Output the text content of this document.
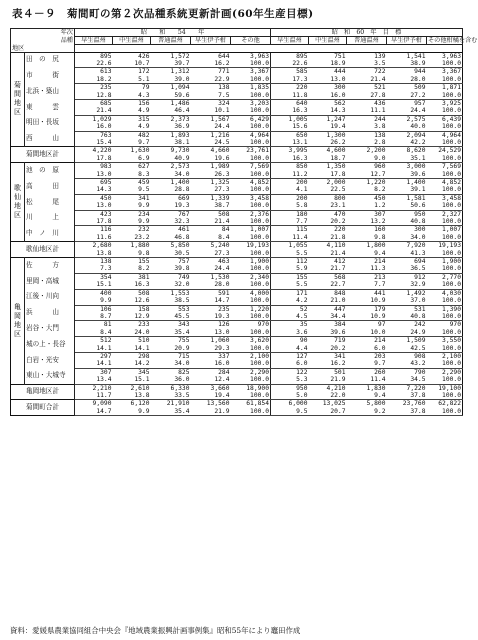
表４－９　菊間町の第２次品種系統更新計画(60年生産目標)
年次		昭　　和　　54　　年					昭　和　60　年　目　標				
品種		早生温州	中生温州	普通温州	早生伊予柑	その他	早生温州	中生温州	普通温州	早生伊予柑	その他柑橘を含む
地区											
菊間地区	田　の　尻	895	426	1,572	644	3,963	895	751	139	1,541	3,963
		22.6	10.7	39.7	16.2	100.0	22.6	18.9	3.5	38.9	100.0
	市　　　街	613	172	1,312	771	3,367	585	444	722	944	3,367
		18.2	5.1	39.0	22.9	100.0	17.3	13.0	21.4	28.0	100.0
	北浜・築山	235	79	1,094	138	1,835	220	300	521	509	1,871
		12.8	4.3	59.6	7.5	100.0	11.8	16.0	27.8	27.2	100.0
	東　　　雲	685	156	1,486	324	3,203	640	562	436	957	3,925
		21.4	4.9	46.4	10.1	100.0	16.3	14.3	11.1	24.4	100.0
	明田・長坂	1,029	315	2,373	1,567	6,429	1,005	1,247	244	2,575	6,439
		16.0	4.9	36.9	24.4	100.0	15.6	19.4	3.8	40.0	100.0
	西　　　山	763	482	1,893	1,216	4,964	650	1,300	138	2,094	4,964
		15.4	9.7	38.1	24.5	100.0	13.1	26.2	2.8	42.2	100.0
菊間地区計		4,220	1,630	9,730	4,660	23,761	3,995	4,600	2,200	8,620	24,529
		17.8	6.9	40.9	19.6	100.0	16.3	18.7	9.0	35.1	100.0
歌仙地区	池　の　原	983	627	2,573	1,989	7,569	850	1,350	960	3,000	7,569
		13.0	8.3	34.0	26.3	100.0	11.2	17.8	12.7	39.6	100.0
	高　　　田	695	459	1,400	1,325	4,852	200	2,000	1,220	1,400	4,852
		14.3	9.5	28.8	27.3	100.0	4.1	22.5	8.2	39.1	100.0
	松　　　尾	450	341	669	1,339	3,458	200	800	450	1,581	3,458
		13.0	9.9	19.3	38.7	100.0	5.8	23.1	1.2	50.6	100.0
	川　　　上	423	234	767	508	2,376	180	470	307	950	2,327
		17.8	9.9	32.3	21.4	100.0	7.7	20.2	13.2	40.8	100.0
	中　ノ　川	116	232	461	84	1,007	115	220	160	300	1,007
		11.6	23.2	46.8	8.4	100.0	11.4	21.8	9.8	34.0	100.0
歌仙地区計		2,680	1,880	5,850	5,240	19,193	1,055	4,110	1,800	7,920	19,193
		13.8	9.8	30.5	27.3	100.0	5.5	21.4	9.4	41.3	100.0
亀岡地区	佐　　　方	138	155	757	463	1,900	112	412	214	694	1,900
		7.3	8.2	39.8	24.4	100.0	5.9	21.7	11.3	36.5	100.0
	里岡・高城	354	381	749	1,530	2,340	155	568	213	912	2,770
		15.1	16.3	32.0	28.0	100.0	5.5	22.7	7.7	32.9	100.0
	江後・川向	400	508	1,553	591	4,000	171	848	441	1,492	4,030
		9.9	12.6	38.5	14.7	100.0	4.2	21.0	10.9	37.0	100.0
	浜　　　山	106	158	553	235	1,220	52	447	179	531	1,390
		8.7	12.9	45.5	19.3	100.0	4.5	34.4	10.9	40.8	100.0
	岩谷・大門	81	233	343	126	970	35	384	97	242	970
		8.4	24.0	35.4	13.0	100.0	3.6	39.6	10.0	24.9	100.0
	城の上・長谷	512	510	755	1,060	3,620	90	719	214	1,509	3,550
		14.1	14.1	20.9	29.3	100.0	4.4	20.2	6.0	42.5	100.0
	白岩・光安	297	298	715	337	2,100	127	341	203	908	2,100
		14.1	14.2	34.0	16.0	100.0	6.0	16.2	9.7	43.2	100.0
	東山・大城寺	307	345	825	284	2,290	122	501	260	790	2,290
		13.4	15.1	36.0	12.4	100.0	5.3	21.9	11.4	34.5	100.0
亀岡地区計		2,210	2,610	6,330	3,660	18,900	950	4,210	1,830	7,220	19,100
		11.7	13.8	33.5	19.4	100.0	5.0	22.0	9.4	37.8	100.0
菊間町合計		9,090	6,120	21,910	13,560	61,854	6,000	13,025	5,800	23,760	62,822
		14.7	9.9	35.4	21.9	100.0	9.5	20.7	9.2	37.8	100.0
資料：愛媛県農業協同組合中央会『地域農業振興計画事例集』昭和55年により竈田作成
